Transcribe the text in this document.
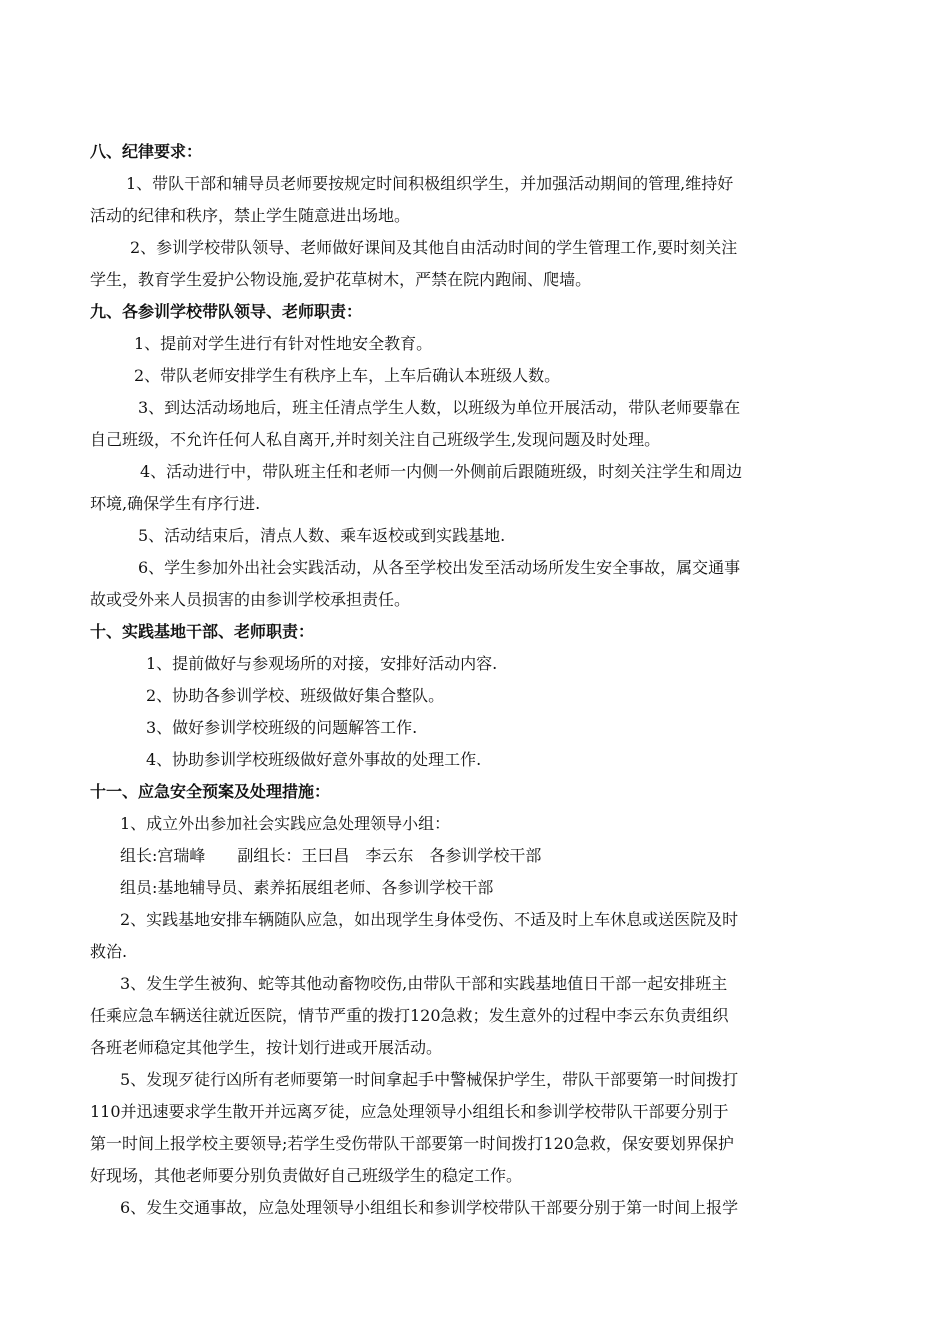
八、纪律要求：
1、带队干部和辅导员老师要按规定时间积极组织学生，并加强活动期间的管理,维持好
活动的纪律和秩序，禁止学生随意进出场地。
2、参训学校带队领导、老师做好课间及其他自由活动时间的学生管理工作,要时刻关注
学生，教育学生爱护公物设施,爱护花草树木，严禁在院内跑闹、爬墙。
九、各参训学校带队领导、老师职责：
1、提前对学生进行有针对性地安全教育。
2、带队老师安排学生有秩序上车，上车后确认本班级人数。
3、到达活动场地后，班主任清点学生人数，以班级为单位开展活动，带队老师要靠在
自己班级，不允许任何人私自离开,并时刻关注自己班级学生,发现问题及时处理。
4、活动进行中，带队班主任和老师一内侧一外侧前后跟随班级，时刻关注学生和周边
环境,确保学生有序行进.
5、活动结束后，清点人数、乘车返校或到实践基地.
6、学生参加外出社会实践活动，从各至学校出发至活动场所发生安全事故，属交通事
故或受外来人员损害的由参训学校承担责任。
十、实践基地干部、老师职责：
1、提前做好与参观场所的对接，安排好活动内容.
2、协助各参训学校、班级做好集合整队。
3、做好参训学校班级的问题解答工作.
4、协助参训学校班级做好意外事故的处理工作.
十一、应急安全预案及处理措施：
1、成立外出参加社会实践应急处理领导小组：
组长:宫瑞峰　　副组长：王曰昌　李云东　各参训学校干部
组员:基地辅导员、素养拓展组老师、各参训学校干部
2、实践基地安排车辆随队应急，如出现学生身体受伤、不适及时上车休息或送医院及时
救治.
3、发生学生被狗、蛇等其他动畜物咬伤,由带队干部和实践基地值日干部一起安排班主
任乘应急车辆送往就近医院，情节严重的拨打120急救；发生意外的过程中李云东负责组织
各班老师稳定其他学生，按计划行进或开展活动。
5、发现歹徒行凶所有老师要第一时间拿起手中警械保护学生，带队干部要第一时间拨打
110并迅速要求学生散开并远离歹徒，应急处理领导小组组长和参训学校带队干部要分别于
第一时间上报学校主要领导;若学生受伤带队干部要第一时间拨打120急救，保安要划界保护
好现场，其他老师要分别负责做好自己班级学生的稳定工作。
6、发生交通事故，应急处理领导小组组长和参训学校带队干部要分别于第一时间上报学
